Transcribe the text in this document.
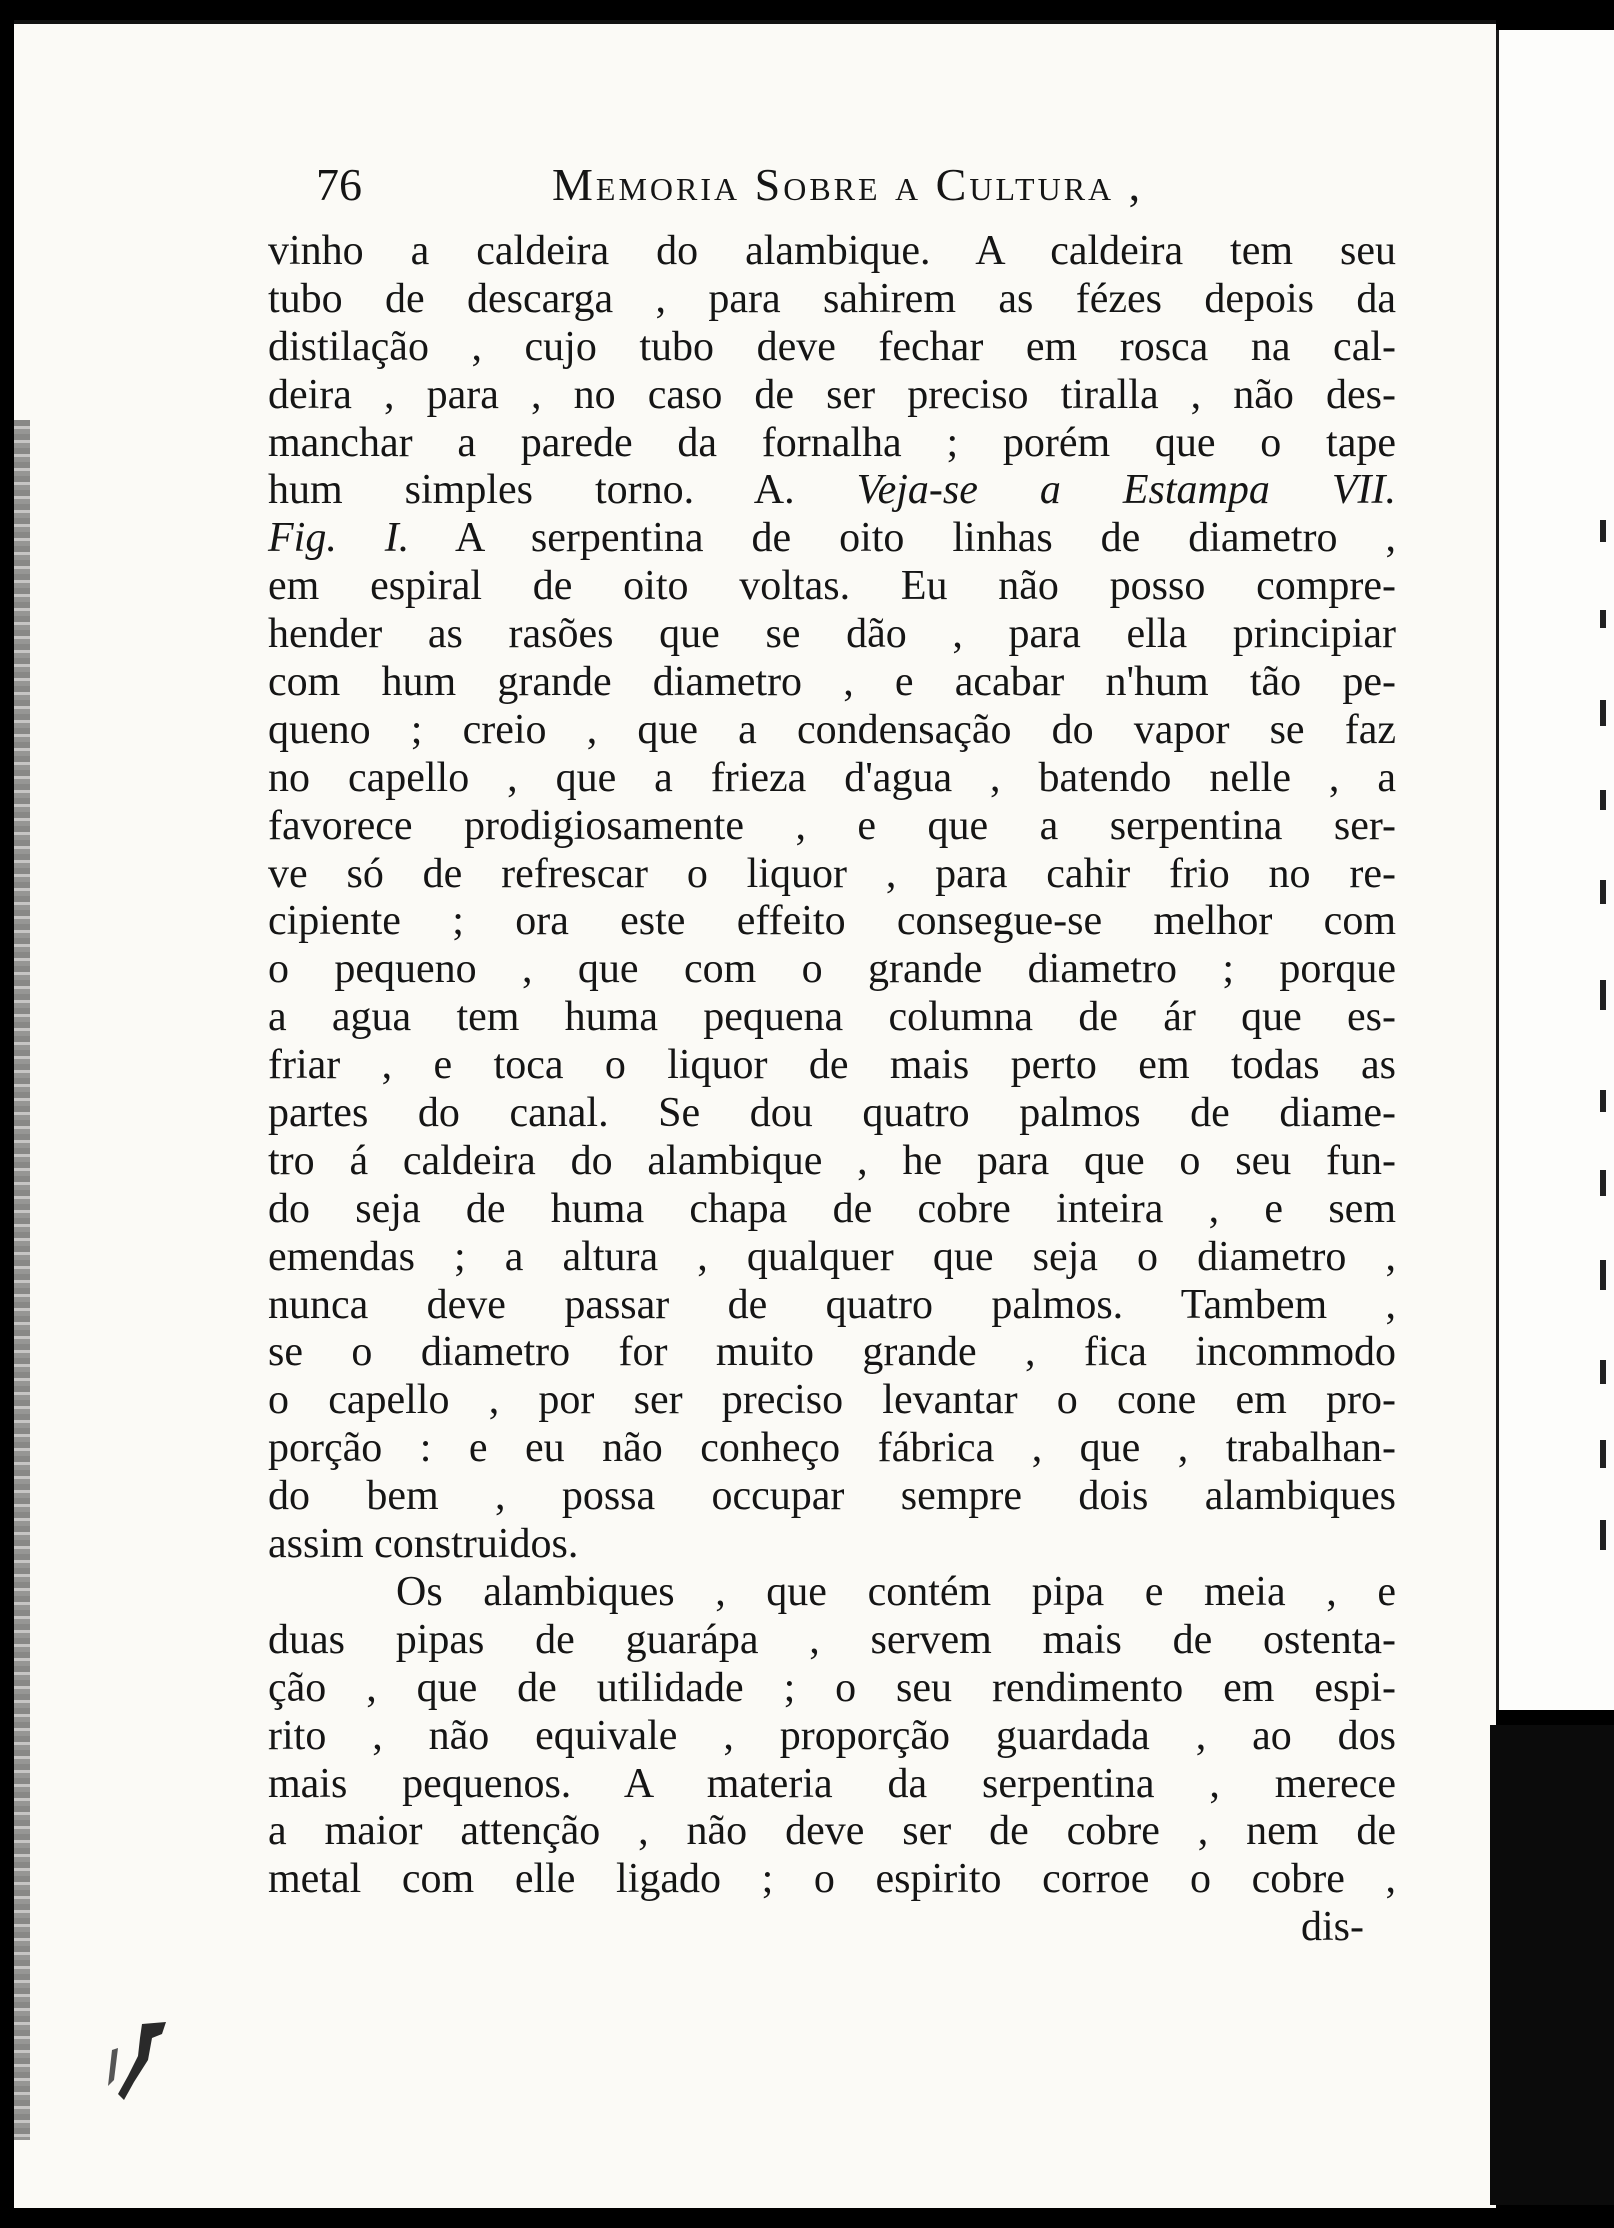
76	Memoria Sobre a Cultura ,
vinho a caldeira do alambique. A caldeira tem seu
tubo de descarga , para sahirem as fézes depois da
distilação , cujo tubo deve fechar em rosca na cal-
deira , para , no caso de ser preciso tiralla , não des-
manchar a parede da fornalha ; porém que o tape
hum simples torno. A. Veja-se a Estampa VII.
Fig. I. A serpentina de oito linhas de diametro ,
em espiral de oito voltas. Eu não posso compre-
hender as rasões que se dão , para ella principiar
com hum grande diametro , e acabar n'hum tão pe-
queno ; creio , que a condensação do vapor se faz
no capello , que a frieza d'agua , batendo nelle , a
favorece prodigiosamente , e que a serpentina ser-
ve só de refrescar o liquor , para cahir frio no re-
cipiente ; ora este effeito consegue-se melhor com
o pequeno , que com o grande diametro ; porque
a agua tem huma pequena columna de ár que es-
friar , e toca o liquor de mais perto em todas as
partes do canal. Se dou quatro palmos de diame-
tro á caldeira do alambique , he para que o seu fun-
do seja de huma chapa de cobre inteira , e sem
emendas ; a altura , qualquer que seja o diametro ,
nunca deve passar de quatro palmos. Tambem ,
se o diametro for muito grande , fica incommodo
o capello , por ser preciso levantar o cone em pro-
porção : e eu não conheço fábrica , que , trabalhan-
do bem , possa occupar sempre dois alambiques
assim construidos.
Os alambiques , que contém pipa e meia , e
duas pipas de guarápa , servem mais de ostenta-
ção , que de utilidade ; o seu rendimento em espi-
rito , não equivale , proporção guardada , ao dos
mais pequenos. A materia da serpentina , merece
a maior attenção , não deve ser de cobre , nem de
metal com elle ligado ; o espirito corroe o cobre ,
dis-
